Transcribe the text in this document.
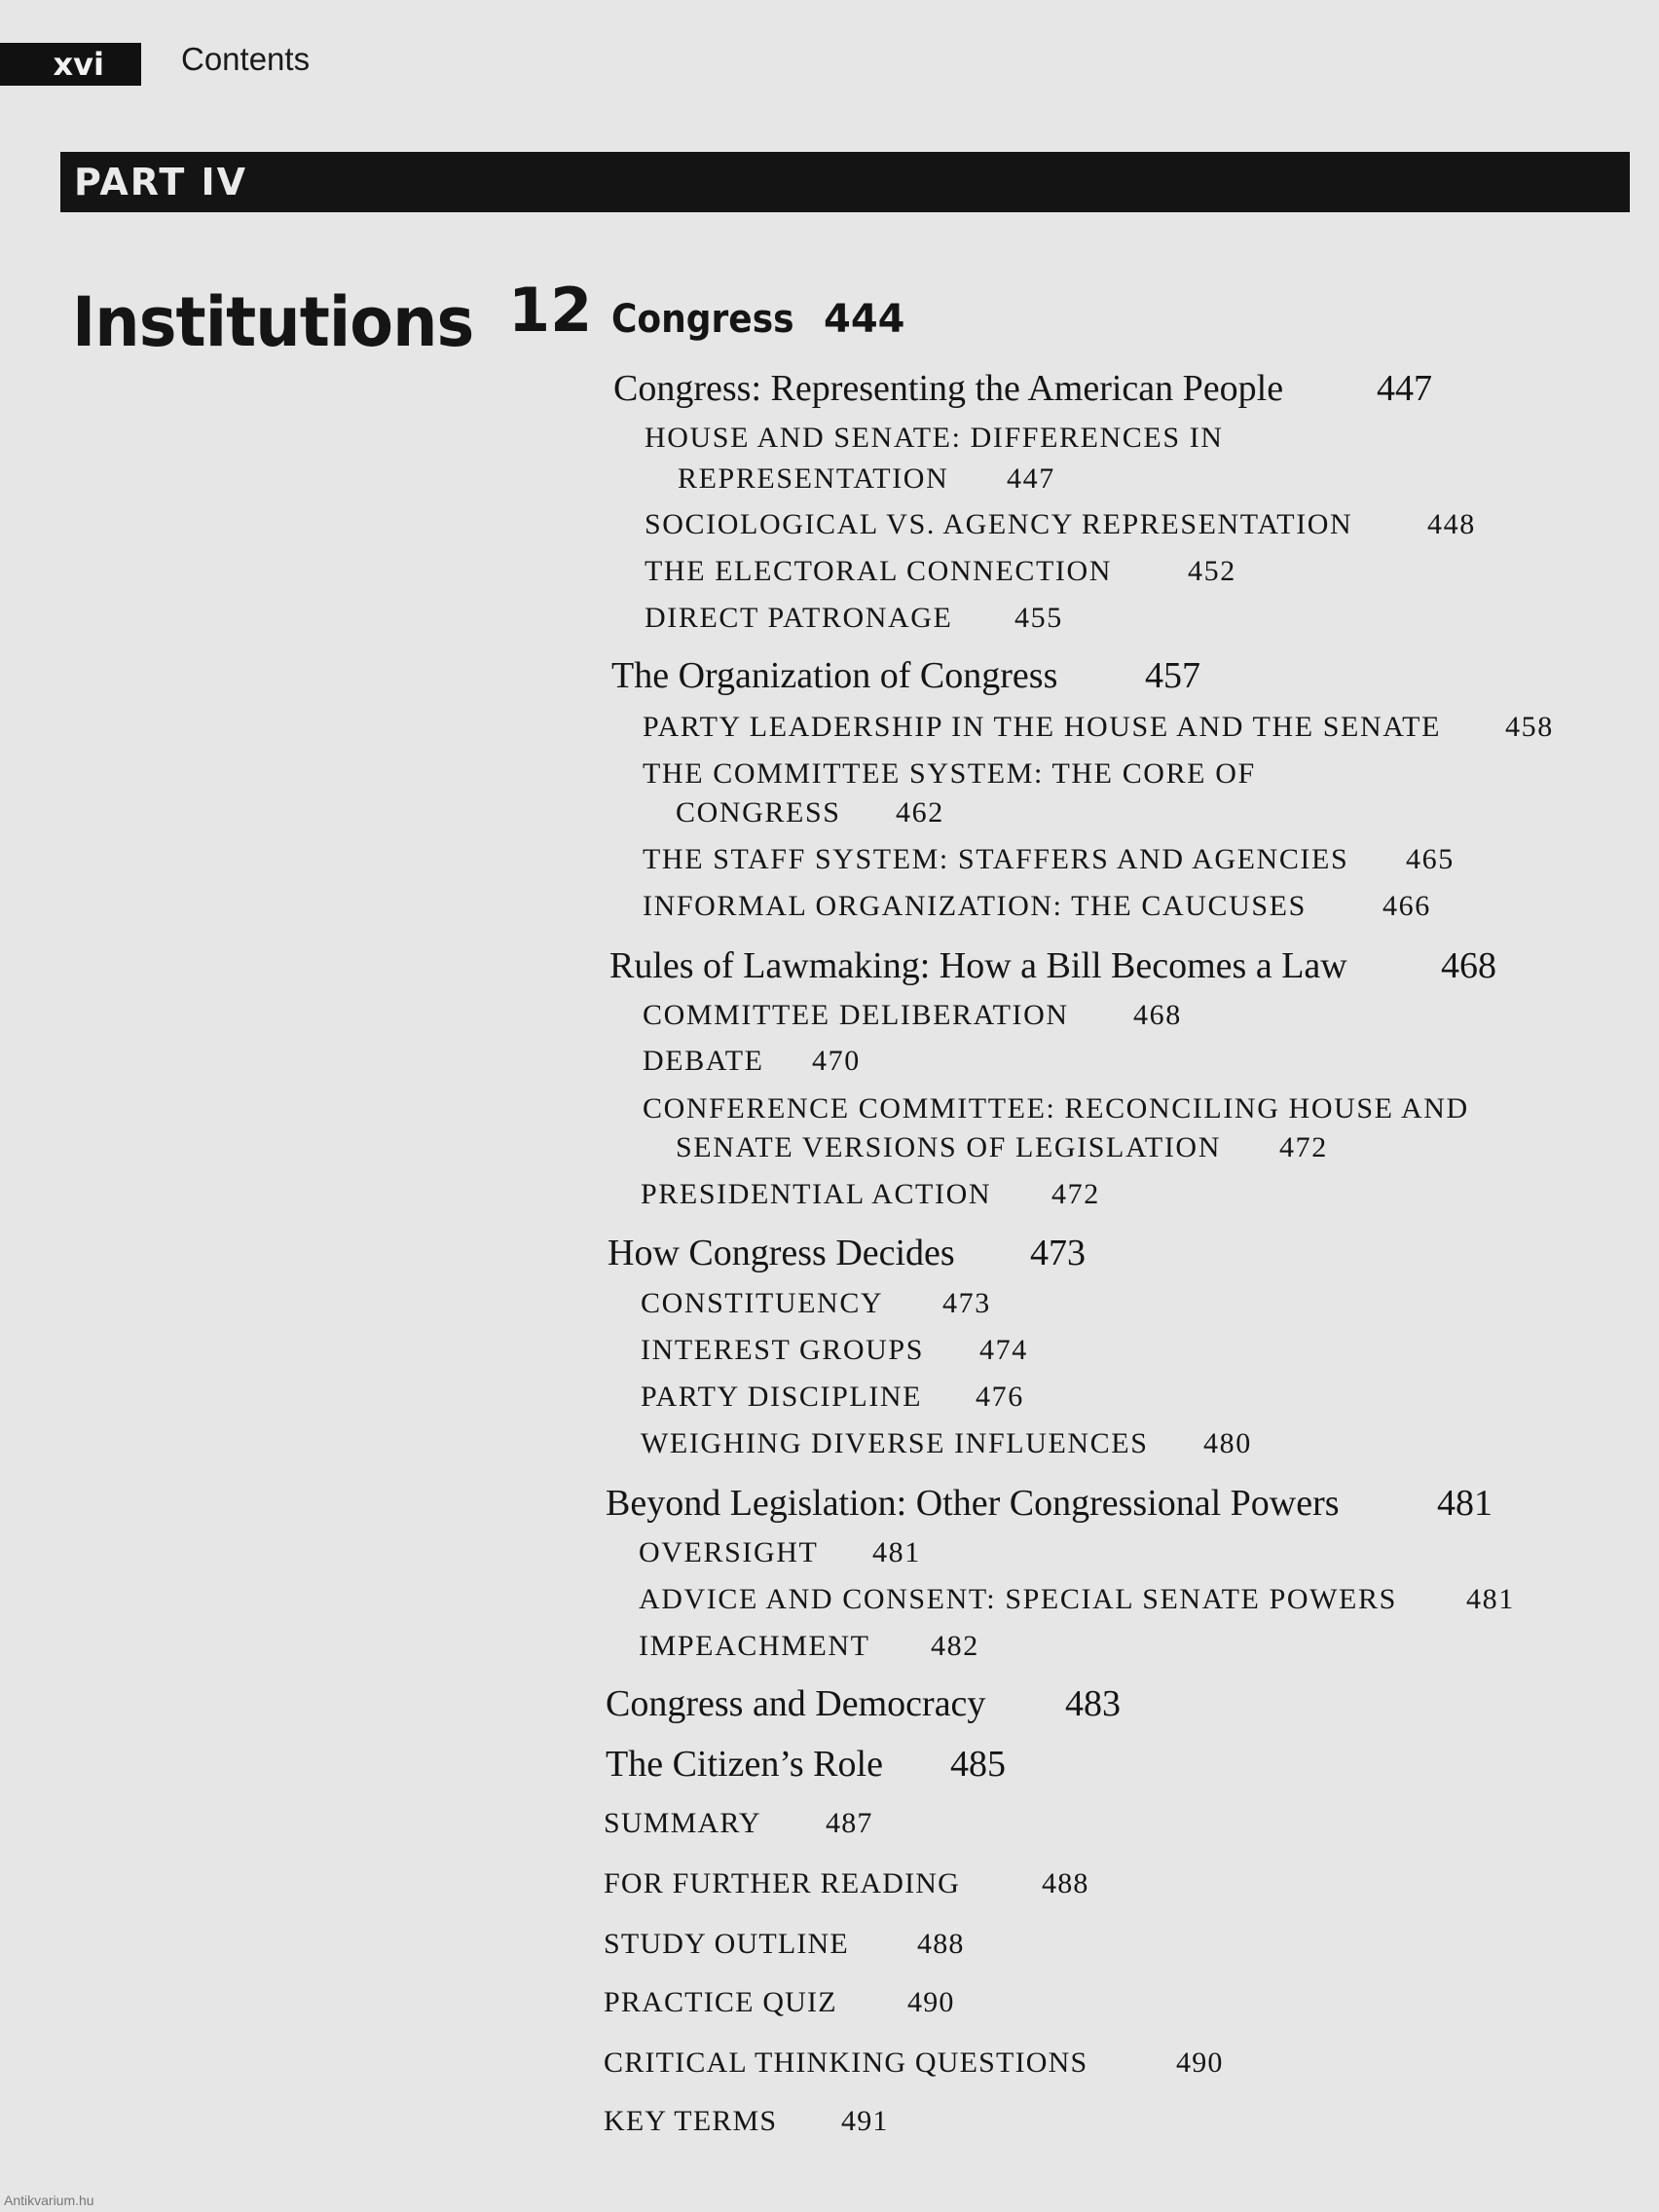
xvi	Contents
PART IV
Institutions 12 Congress 444
Congress: Representing the American People	447
HOUSE AND SENATE: DIFFERENCES IN
REPRESENTATION 447
SOCIOLOGICAL VS. AGENCY REPRESENTATION	448
THE ELECTORAL CONNECTION	452
DIRECT PATRONAGE 455
The Organization of Congress 457
PARTY LEADERSHIP IN THE HOUSE AND THE SENATE 458
THE COMMITTEE SYSTEM: THE CORE OF
CONGRESS 462
THE STAFF SYSTEM: STAFFERS AND AGENCIES 465
INFORMAL ORGANIZATION: THE CAUCUSES	466
Rules of Lawmaking: How a Bill Becomes a Law	468
COMMITTEE DELIBERATION 468
DEBATE 470
CONFERENCE COMMITTEE: RECONCILING HOUSE AND
SENATE VERSIONS OF LEGISLATION 472
PRESIDENTIAL ACTION 472
How Congress Decides 473
CONSTITUENCY 473
INTEREST GROUPS 474
PARTY DISCIPLINE 476
WEIGHING DIVERSE INFLUENCES 480
Beyond Legislation: Other Congressional Powers	481
OVERSIGHT 481
ADVICE AND CONSENT: SPECIAL SENATE POWERS 481
IMPEACHMENT 482
Congress and Democracy 483
The Citizen’s Role 485
SUMMARY 487
FOR FURTHER READING	488
STUDY OUTLINE 488
PRACTICE QUIZ 490
CRITICAL THINKING QUESTIONS	490
KEY TERMS 491
Antikvarium.hu
